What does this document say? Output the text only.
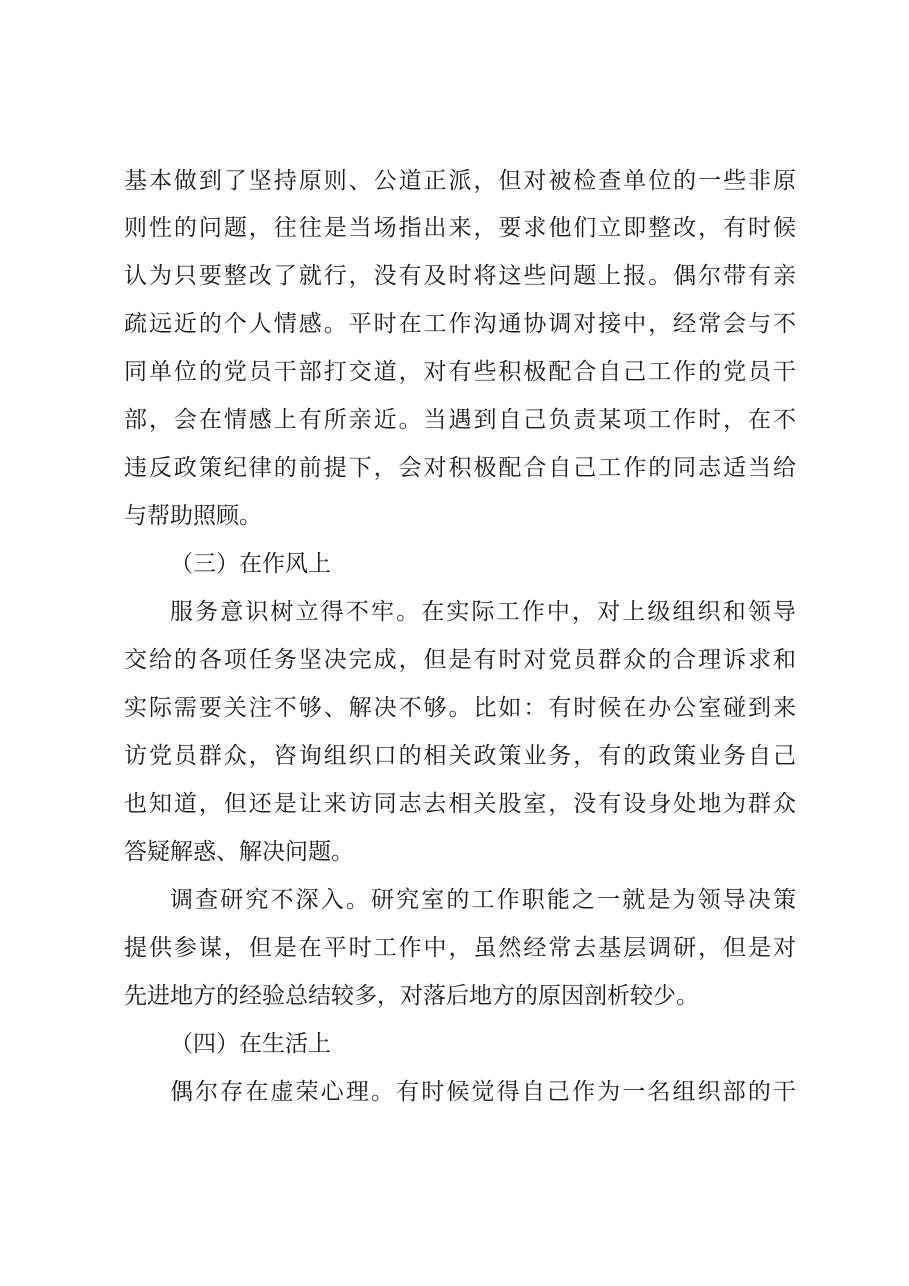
基本做到了坚持原则、公道正派，但对被检查单位的一些非原
则性的问题，往往是当场指出来，要求他们立即整改，有时候
认为只要整改了就行，没有及时将这些问题上报。偶尔带有亲
疏远近的个人情感。平时在工作沟通协调对接中，经常会与不
同单位的党员干部打交道，对有些积极配合自己工作的党员干
部，会在情感上有所亲近。当遇到自己负责某项工作时，在不
违反政策纪律的前提下，会对积极配合自己工作的同志适当给
与帮助照顾。
（三）在作风上
服务意识树立得不牢。在实际工作中，对上级组织和领导
交给的各项任务坚决完成，但是有时对党员群众的合理诉求和
实际需要关注不够、解决不够。比如：有时候在办公室碰到来
访党员群众，咨询组织口的相关政策业务，有的政策业务自己
也知道，但还是让来访同志去相关股室，没有设身处地为群众
答疑解惑、解决问题。
调查研究不深入。研究室的工作职能之一就是为领导决策
提供参谋，但是在平时工作中，虽然经常去基层调研，但是对
先进地方的经验总结较多，对落后地方的原因剖析较少。
（四）在生活上
偶尔存在虚荣心理。有时候觉得自己作为一名组织部的干
